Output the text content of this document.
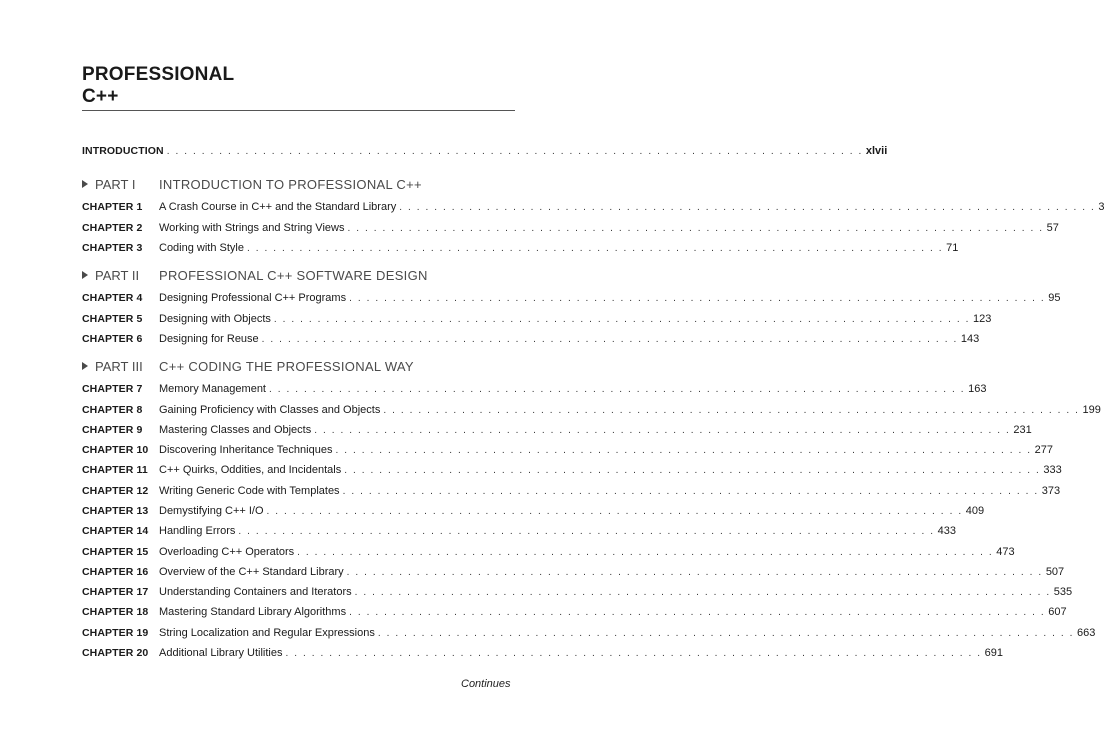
PROFESSIONAL
C++
INTRODUCTION . . . . . . . . . . . . . . . . . . . . . . . . . . . . . . . . . . . . . . . . . . . . . . . . . . . . . . . . . . . . . . . . . . . . . . . . . . . . . . . . xlvii
PART I INTRODUCTION TO PROFESSIONAL C++
CHAPTER 1	A Crash Course in C++ and the Standard Library . . . . . . . . . . . . . . . . . . . . . . . . . . . . . . . . . . . . . . . . . . . . . . . . . . . . . . . . . . . . . . . . . . . . . . . . . . . . . . . . 3
CHAPTER 2	Working with Strings and String Views . . . . . . . . . . . . . . . . . . . . . . . . . . . . . . . . . . . . . . . . . . . . . . . . . . . . . . . . . . . . . . . . . . . . . . . . . . . . . . . . 57
CHAPTER 3	Coding with Style . . . . . . . . . . . . . . . . . . . . . . . . . . . . . . . . . . . . . . . . . . . . . . . . . . . . . . . . . . . . . . . . . . . . . . . . . . . . . . . . 71
PART II PROFESSIONAL C++ SOFTWARE DESIGN
CHAPTER 4	Designing Professional C++ Programs . . . . . . . . . . . . . . . . . . . . . . . . . . . . . . . . . . . . . . . . . . . . . . . . . . . . . . . . . . . . . . . . . . . . . . . . . . . . . . . . 95
CHAPTER 5	Designing with Objects . . . . . . . . . . . . . . . . . . . . . . . . . . . . . . . . . . . . . . . . . . . . . . . . . . . . . . . . . . . . . . . . . . . . . . . . . . . . . . . . 123
CHAPTER 6	Designing for Reuse . . . . . . . . . . . . . . . . . . . . . . . . . . . . . . . . . . . . . . . . . . . . . . . . . . . . . . . . . . . . . . . . . . . . . . . . . . . . . . . . 143
PART III C++ CODING THE PROFESSIONAL WAY
CHAPTER 7	Memory Management . . . . . . . . . . . . . . . . . . . . . . . . . . . . . . . . . . . . . . . . . . . . . . . . . . . . . . . . . . . . . . . . . . . . . . . . . . . . . . . . 163
CHAPTER 8	Gaining Proficiency with Classes and Objects . . . . . . . . . . . . . . . . . . . . . . . . . . . . . . . . . . . . . . . . . . . . . . . . . . . . . . . . . . . . . . . . . . . . . . . . . . . . . . . . 199
CHAPTER 9	Mastering Classes and Objects . . . . . . . . . . . . . . . . . . . . . . . . . . . . . . . . . . . . . . . . . . . . . . . . . . . . . . . . . . . . . . . . . . . . . . . . . . . . . . . . 231
CHAPTER 10 Discovering Inheritance Techniques . . . . . . . . . . . . . . . . . . . . . . . . . . . . . . . . . . . . . . . . . . . . . . . . . . . . . . . . . . . . . . . . . . . . . . . . . . . . . . . . 277
CHAPTER 11	C++ Quirks, Oddities, and Incidentals . . . . . . . . . . . . . . . . . . . . . . . . . . . . . . . . . . . . . . . . . . . . . . . . . . . . . . . . . . . . . . . . . . . . . . . . . . . . . . . . 333
CHAPTER 12 Writing Generic Code with Templates . . . . . . . . . . . . . . . . . . . . . . . . . . . . . . . . . . . . . . . . . . . . . . . . . . . . . . . . . . . . . . . . . . . . . . . . . . . . . . . . 373
CHAPTER 13 Demystifying C++ I/O . . . . . . . . . . . . . . . . . . . . . . . . . . . . . . . . . . . . . . . . . . . . . . . . . . . . . . . . . . . . . . . . . . . . . . . . . . . . . . . . 409
CHAPTER 14 Handling Errors . . . . . . . . . . . . . . . . . . . . . . . . . . . . . . . . . . . . . . . . . . . . . . . . . . . . . . . . . . . . . . . . . . . . . . . . . . . . . . . . 433
CHAPTER 15 Overloading C++ Operators . . . . . . . . . . . . . . . . . . . . . . . . . . . . . . . . . . . . . . . . . . . . . . . . . . . . . . . . . . . . . . . . . . . . . . . . . . . . . . . . 473
CHAPTER 16 Overview of the C++ Standard Library . . . . . . . . . . . . . . . . . . . . . . . . . . . . . . . . . . . . . . . . . . . . . . . . . . . . . . . . . . . . . . . . . . . . . . . . . . . . . . . . 507
CHAPTER 17 Understanding Containers and Iterators . . . . . . . . . . . . . . . . . . . . . . . . . . . . . . . . . . . . . . . . . . . . . . . . . . . . . . . . . . . . . . . . . . . . . . . . . . . . . . . . 535
CHAPTER 18 Mastering Standard Library Algorithms . . . . . . . . . . . . . . . . . . . . . . . . . . . . . . . . . . . . . . . . . . . . . . . . . . . . . . . . . . . . . . . . . . . . . . . . . . . . . . . . 607
CHAPTER 19 String Localization and Regular Expressions . . . . . . . . . . . . . . . . . . . . . . . . . . . . . . . . . . . . . . . . . . . . . . . . . . . . . . . . . . . . . . . . . . . . . . . . . . . . . . . . 663
CHAPTER 20 Additional Library Utilities . . . . . . . . . . . . . . . . . . . . . . . . . . . . . . . . . . . . . . . . . . . . . . . . . . . . . . . . . . . . . . . . . . . . . . . . . . . . . . . . 691
Continues
